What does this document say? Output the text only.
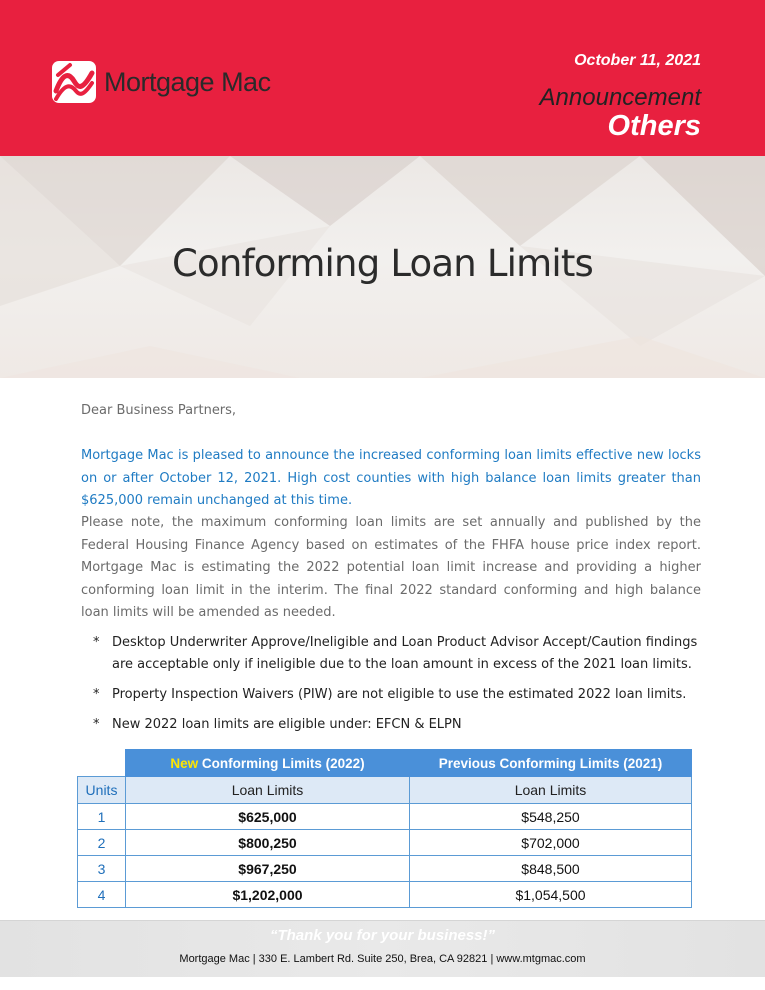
Mortgage Mac
October 11, 2021
Announcement
Others
Conforming Loan Limits
Dear Business Partners,
Mortgage Mac is pleased to announce the increased conforming loan limits effective new locks on or after October 12, 2021. High cost counties with high balance loan limits greater than $625,000 remain unchanged at this time.
Please note, the maximum conforming loan limits are set annually and published by the Federal Housing Finance Agency based on estimates of the FHFA house price index report. Mortgage Mac is estimating the 2022 potential loan limit increase and providing a higher conforming loan limit in the interim. The final 2022 standard conforming and high balance loan limits will be amended as needed.
* Desktop Underwriter Approve/Ineligible and Loan Product Advisor Accept/Caution findings are acceptable only if ineligible due to the loan amount in excess of the 2021 loan limits.
* Property Inspection Waivers (PIW) are not eligible to use the estimated 2022 loan limits.
* New 2022 loan limits are eligible under: EFCN & ELPN
	New Conforming Limits (2022)	Previous Conforming Limits (2021)
Units	Loan Limits	Loan Limits
1	$625,000	$548,250
2	$800,250	$702,000
3	$967,250	$848,500
4	$1,202,000	$1,054,500
“Thank you for your business!”
Mortgage Mac | 330 E. Lambert Rd. Suite 250, Brea, CA 92821 | www.mtgmac.com
